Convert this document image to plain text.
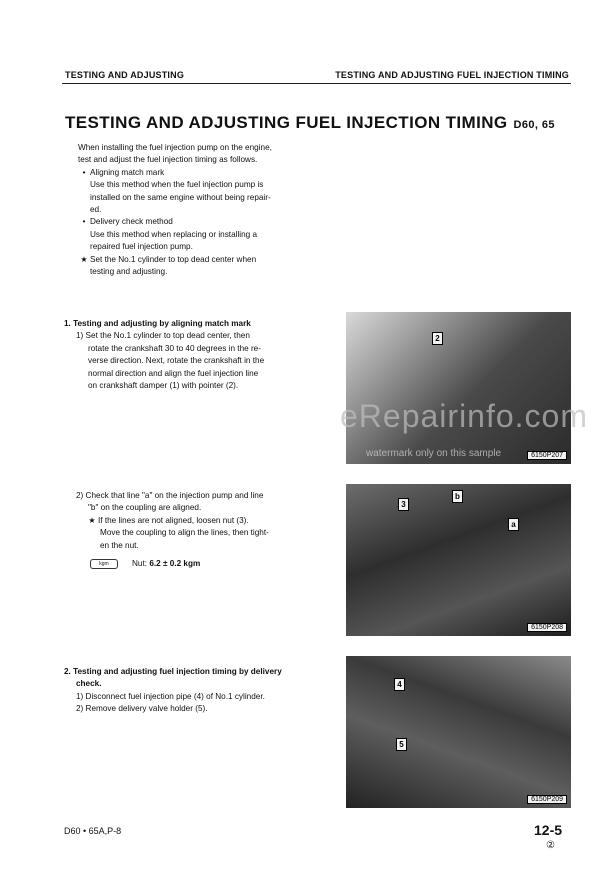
TESTING AND ADJUSTING	TESTING AND ADJUSTING FUEL INJECTION TIMING
TESTING AND ADJUSTING FUEL INJECTION TIMING D60, 65
When installing the fuel injection pump on the engine,
test and adjust the fuel injection timing as follows.
• Aligning match mark
Use this method when the fuel injection pump is
installed on the same engine without being repair-
ed.
• Delivery check method
Use this method when replacing or installing a
repaired fuel injection pump.
★ Set the No.1 cylinder to top dead center when
testing and adjusting.
1. Testing and adjusting by aligning match mark
1) Set the No.1 cylinder to top dead center, then
rotate the crankshaft 30 to 40 degrees in the re-
verse direction. Next, rotate the crankshaft in the
normal direction and align the fuel injection line
on crankshaft damper (1) with pointer (2).
2) Check that line "a" on the injection pump and line
"b" on the coupling are aligned.
★ If the lines are not aligned, loosen nut (3).
Move the coupling to align the lines, then tight-
en the nut.
kgm	Nut: 6.2 ± 0.2 kgm
2. Testing and adjusting fuel injection timing by delivery
check.
1) Disconnect fuel injection pipe (4) of No.1 cylinder.
2) Remove delivery valve holder (5).
2
6150P207
3
b
a
6150P208
4
5
6150P209
eRepairinfo.com
watermark only on this sample
D60 • 65A,P-8	12-5
②
